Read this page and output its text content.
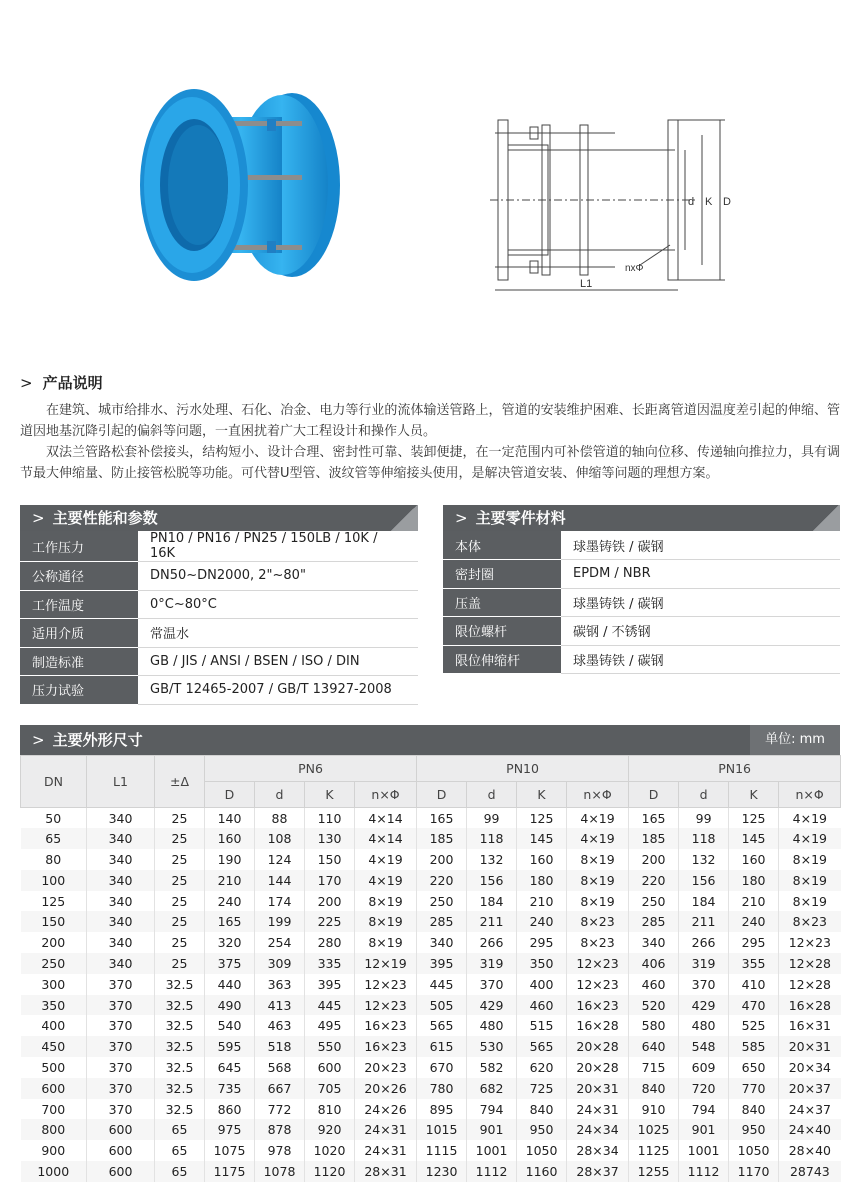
d K D
nxΦ
L1
> 产品说明

在建筑、城市给排水、污水处理、石化、冶金、电力等行业的流体输送管路上，管道的安装维护困难、长距离管道因温度差引起的伸缩、管道因地基沉降引起的偏斜等问题，一直困扰着广大工程设计和操作人员。

双法兰管路松套补偿接头，结构短小、设计合理、密封性可靠、装卸便捷，在一定范围内可补偿管道的轴向位移、传递轴向推拉力，具有调节最大伸缩量、防止接管松脱等功能。可代替U型管、波纹管等伸缩接头使用，是解决管道安装、伸缩等问题的理想方案。

> 主要性能和参数
工作压力	PN10 / PN16 / PN25 / 150LB / 10K / 16K
公称通径	DN50~DN2000, 2"~80"
工作温度	0°C~80°C
适用介质	常温水
制造标准	GB / JIS / ANSI / BSEN / ISO / DIN
压力试验	GB/T 12465-2007 / GB/T 13927-2008
> 主要零件材料
本体	球墨铸铁 / 碳钢
密封圈	EPDM / NBR
压盖	球墨铸铁 / 碳钢
限位螺杆	碳钢 / 不锈钢
限位伸缩杆	球墨铸铁 / 碳钢
> 主要外形尺寸	单位: mm
DN	L1	±Δ	PN6				PN10				PN16			
			D	d	K	n×Φ	D	d	K	n×Φ	D	d	K	n×Φ
50	340	25	140	88	110	4×14	165	99	125	4×19	165	99	125	4×19
65	340	25	160	108	130	4×14	185	118	145	4×19	185	118	145	4×19
80	340	25	190	124	150	4×19	200	132	160	8×19	200	132	160	8×19
100	340	25	210	144	170	4×19	220	156	180	8×19	220	156	180	8×19
125	340	25	240	174	200	8×19	250	184	210	8×19	250	184	210	8×19
150	340	25	165	199	225	8×19	285	211	240	8×23	285	211	240	8×23
200	340	25	320	254	280	8×19	340	266	295	8×23	340	266	295	12×23
250	340	25	375	309	335	12×19	395	319	350	12×23	406	319	355	12×28
300	370	32.5	440	363	395	12×23	445	370	400	12×23	460	370	410	12×28
350	370	32.5	490	413	445	12×23	505	429	460	16×23	520	429	470	16×28
400	370	32.5	540	463	495	16×23	565	480	515	16×28	580	480	525	16×31
450	370	32.5	595	518	550	16×23	615	530	565	20×28	640	548	585	20×31
500	370	32.5	645	568	600	20×23	670	582	620	20×28	715	609	650	20×34
600	370	32.5	735	667	705	20×26	780	682	725	20×31	840	720	770	20×37
700	370	32.5	860	772	810	24×26	895	794	840	24×31	910	794	840	24×37
800	600	65	975	878	920	24×31	1015	901	950	24×34	1025	901	950	24×40
900	600	65	1075	978	1020	24×31	1115	1001	1050	28×34	1125	1001	1050	28×40
1000	600	65	1175	1078	1120	28×31	1230	1112	1160	28×37	1255	1112	1170	28743
